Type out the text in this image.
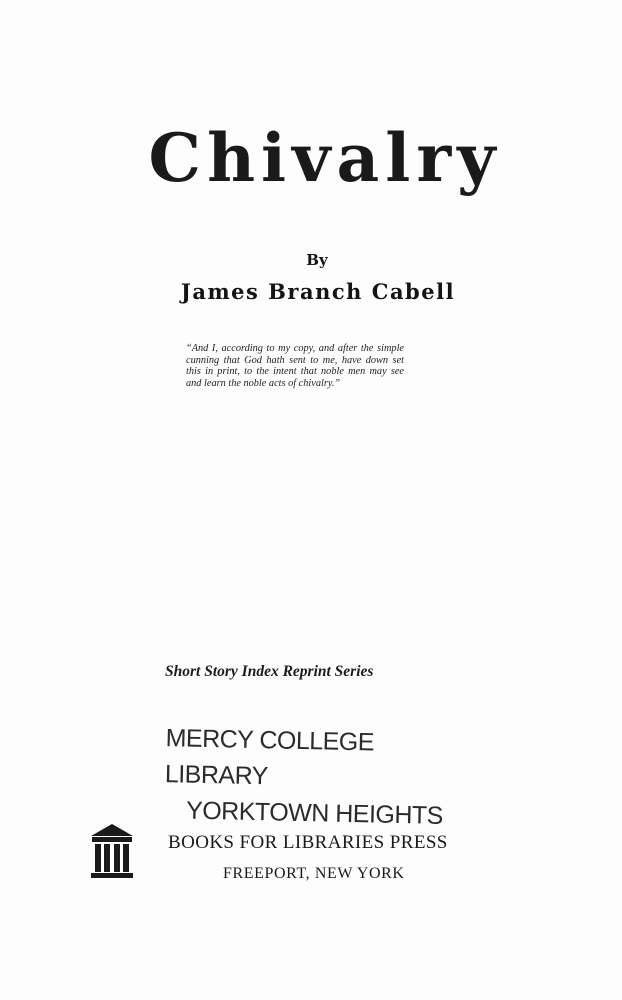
Chivalry
By
James Branch Cabell
“And I, according to my copy, and after the simple cunning that God hath sent to me, have down set this in print, to the intent that noble men may see and learn the noble acts of chivalry.”
Short Story Index Reprint Series
MERCY COLLEGE LIBRARY
YORKTOWN HEIGHTS
BOOKS FOR LIBRARIES PRESS
FREEPORT, NEW YORK
